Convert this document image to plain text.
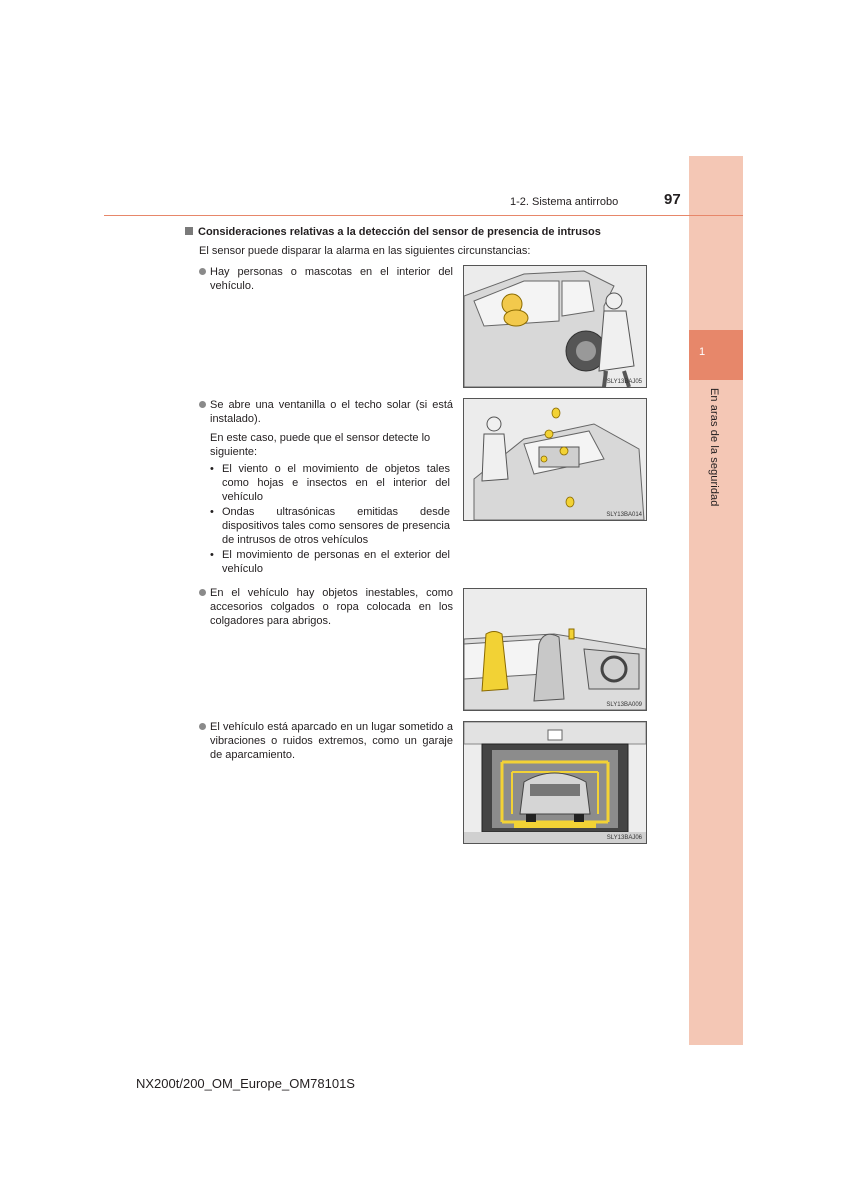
1
En aras de la seguridad
1-2. Sistema antirrobo	97
Consideraciones relativas a la detección del sensor de presencia de intrusos
El sensor puede disparar la alarma en las siguientes circunstancias:
Hay personas o mascotas en el interior del vehículo.
SLY13BAJ05
Se abre una ventanilla o el techo solar (si está instalado).
En este caso, puede que el sensor detecte lo siguiente:
• El viento o el movimiento de objetos tales como hojas e insectos en el interior del vehículo
• Ondas ultrasónicas emitidas desde dispositivos tales como sensores de presencia de intrusos de otros vehículos
• El movimiento de personas en el exterior del vehículo
SLY13BA014
En el vehículo hay objetos inestables, como accesorios colgados o ropa colocada en los colgadores para abrigos.
SLY13BA009
El vehículo está aparcado en un lugar sometido a vibraciones o ruidos extremos, como un garaje de aparcamiento.
SLY13BAJ06
NX200t/200_OM_Europe_OM78101S
